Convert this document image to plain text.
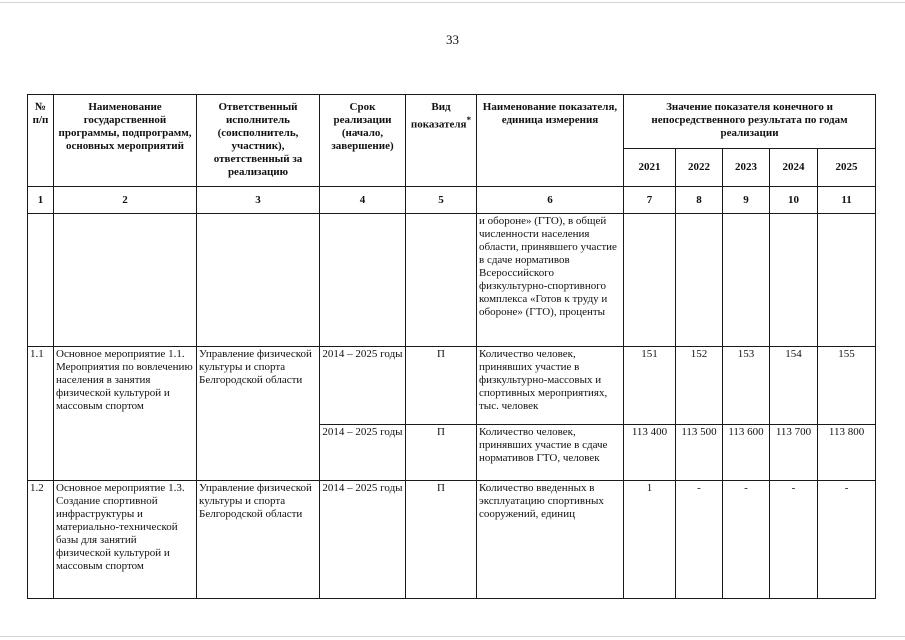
33
№ п/п	Наименование государственной программы, подпрограмм, основных мероприятий	Ответственный исполнитель (соисполнитель, участник), ответственный за реализацию	Срок реализации (начало, завершение)	Вид показателя*	Наименование показателя, единица измерения	Значение показателя конечного и непосредственного результата по годам реализации				
						2021	2022	2023	2024	2025
1	2	3	4	5	6	7	8	9	10	11
					и обороне» (ГТО), в общей численности населения области, принявшего участие в сдаче нормативов Всероссийского физкультурно-спортивного комплекса «Готов к труду и обороне» (ГТО), проценты					
1.1	Основное мероприятие 1.1. Мероприятия по вовлечению населения в занятия физической культурой и массовым спортом	Управление физической культуры и спорта Белгородской области	2014 – 2025 годы	П	Количество человек, принявших участие в физкультурно-массовых и спортивных мероприятиях, тыс. человек	151	152	153	154	155
			2014 – 2025 годы	П	Количество человек, принявших участие в сдаче нормативов ГТО, человек	113 400	113 500	113 600	113 700	113 800
1.2	Основное мероприятие 1.3. Создание спортивной инфраструктуры и материально-технической базы для занятий физической культурой и массовым спортом	Управление физической культуры и спорта Белгородской области	2014 – 2025 годы	П	Количество введенных в эксплуатацию спортивных сооружений, единиц	1	-	-	-	-
